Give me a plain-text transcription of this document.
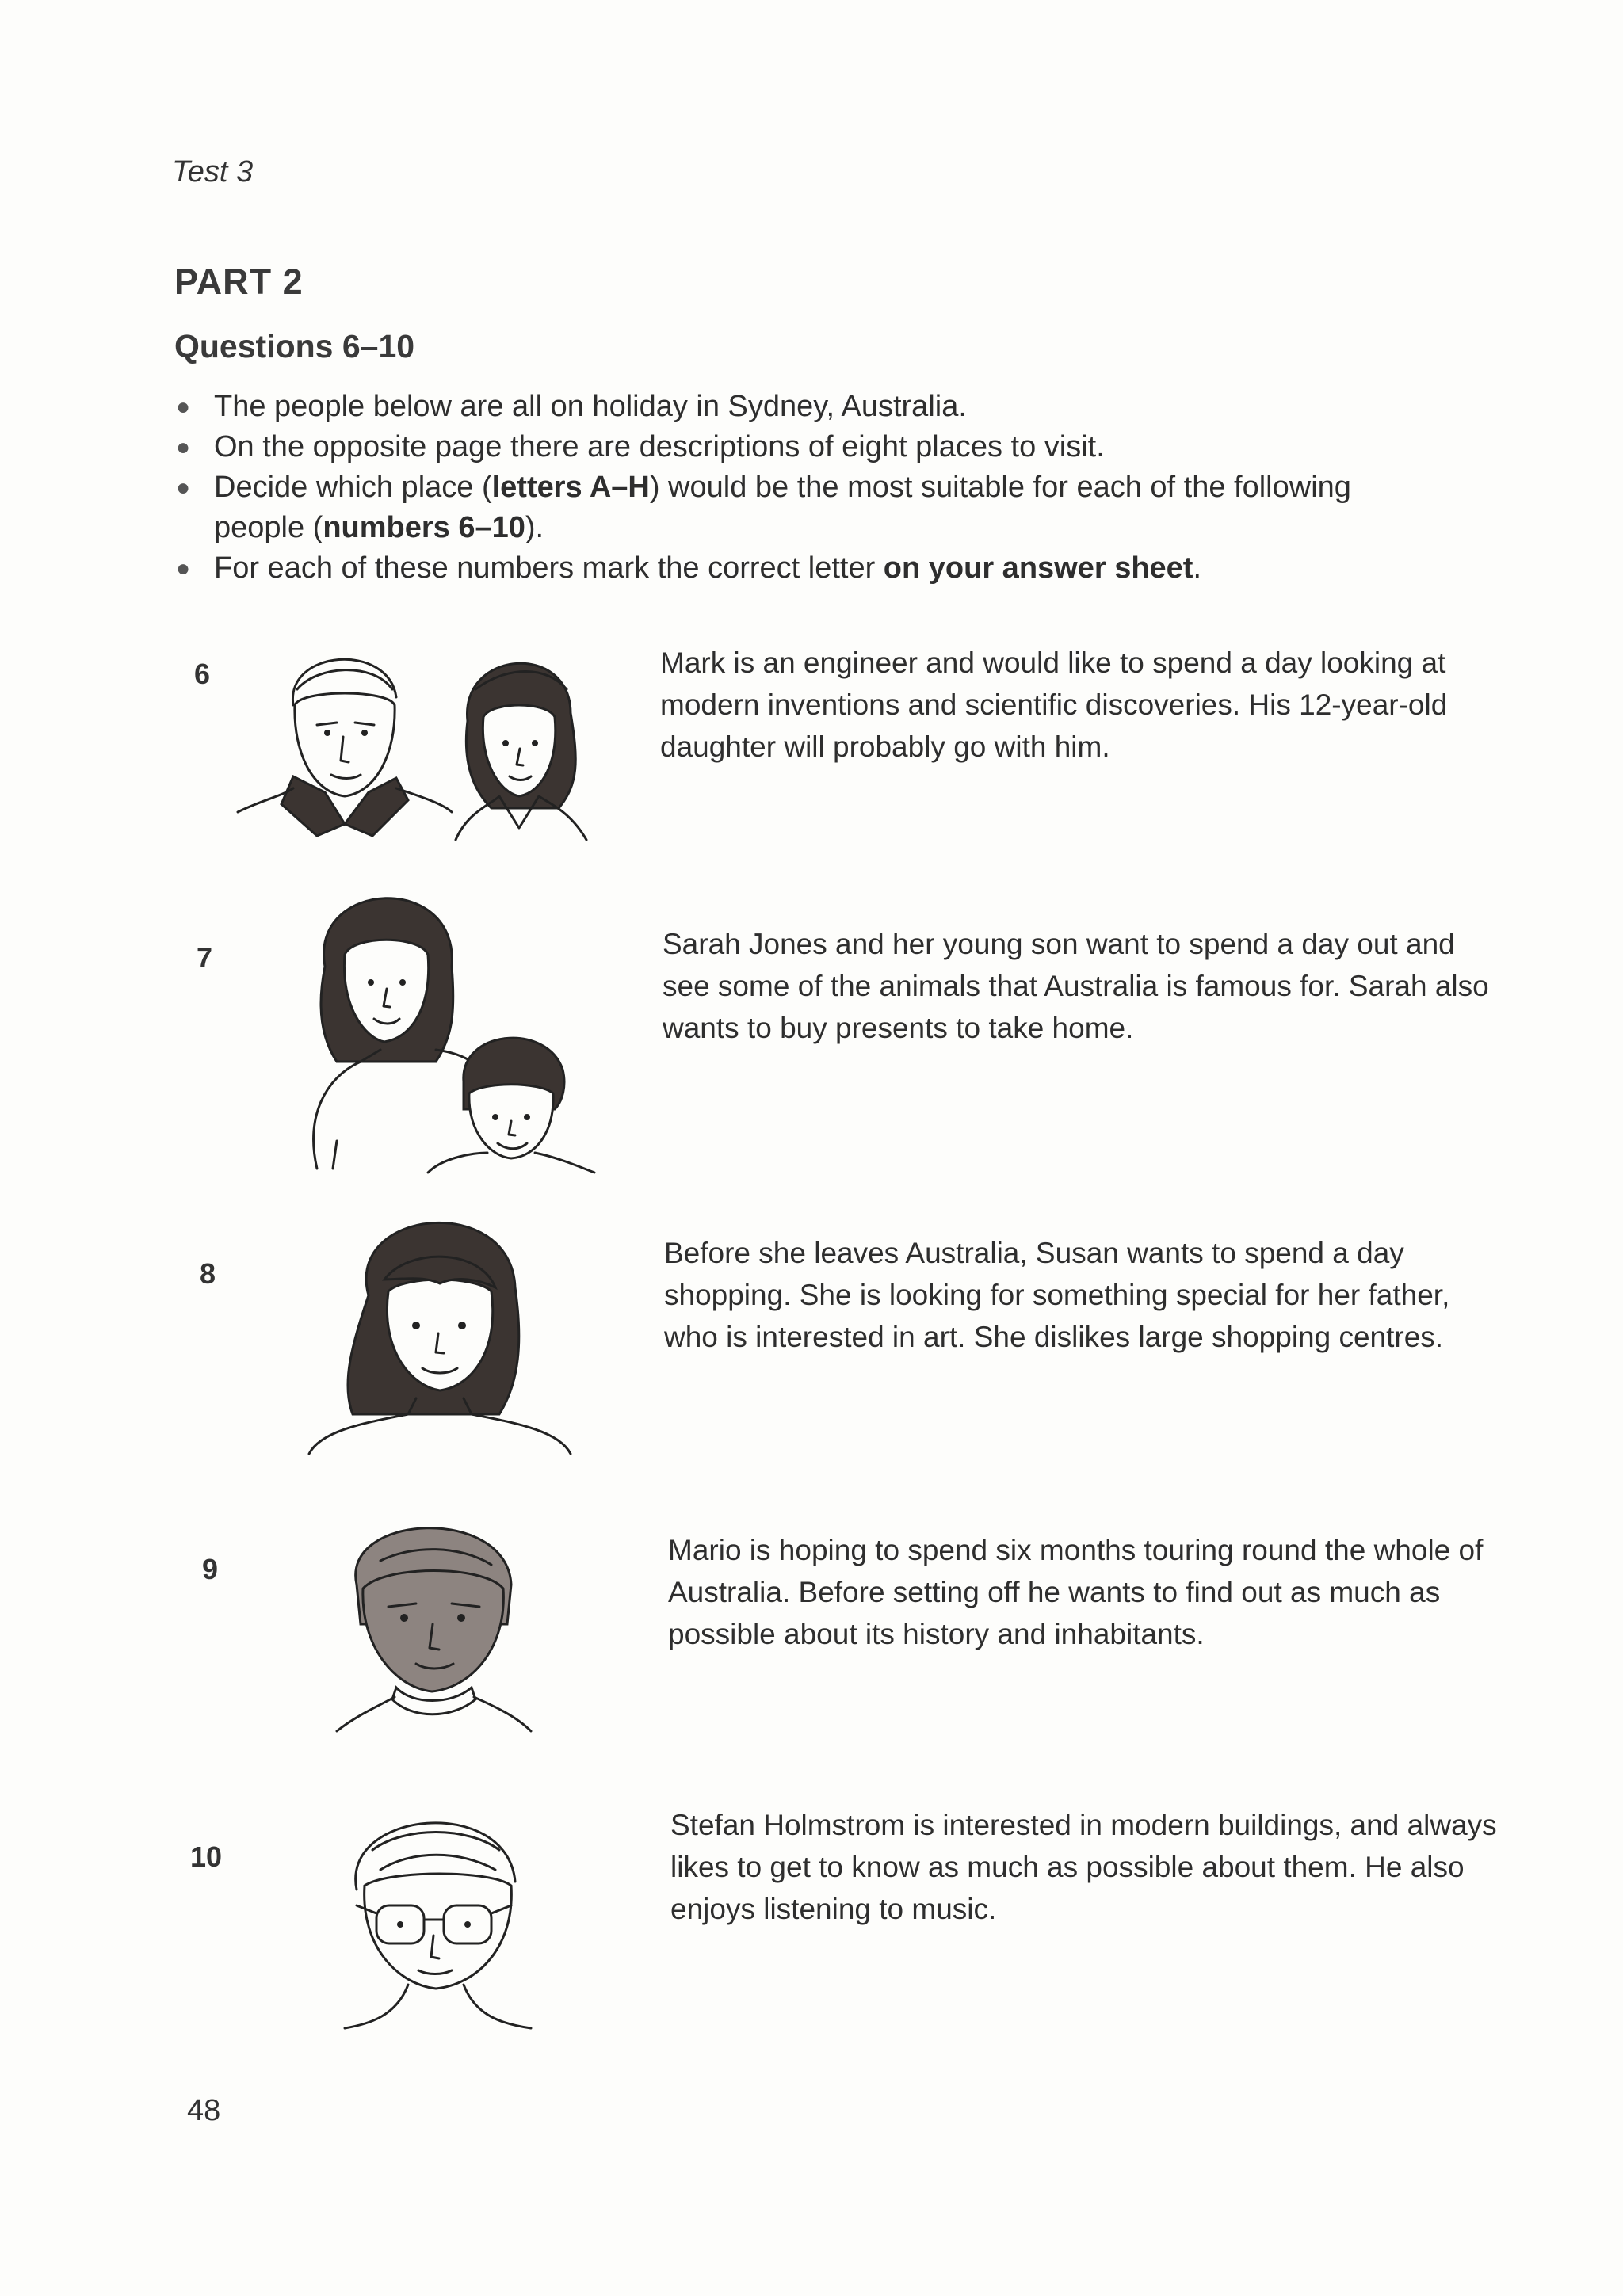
Test 3
PART 2
Questions 6–10
● The people below are all on holiday in Sydney, Australia.
● On the opposite page there are descriptions of eight places to visit.
● Decide which place (letters A–H) would be the most suitable for each of the following people (numbers 6–10).
● For each of these numbers mark the correct letter on your answer sheet.
6	Mark is an engineer and would like to spend a day looking at modern inventions and scientific discoveries. His 12-year-old daughter will probably go with him.

7	Sarah Jones and her young son want to spend a day out and see some of the animals that Australia is famous for. Sarah also wants to buy presents to take home.

8

Before she leaves Australia, Susan wants to spend a day shopping. She is looking for something special for her father, who is interested in art. She dislikes large shopping centres.

9

Mario is hoping to spend six months touring round the whole of Australia. Before setting off he wants to find out as much as possible about its history and inhabitants.

10

Stefan Holmstrom is interested in modern buildings, and always likes to get to know as much as possible about them. He also enjoys listening to music.

48
